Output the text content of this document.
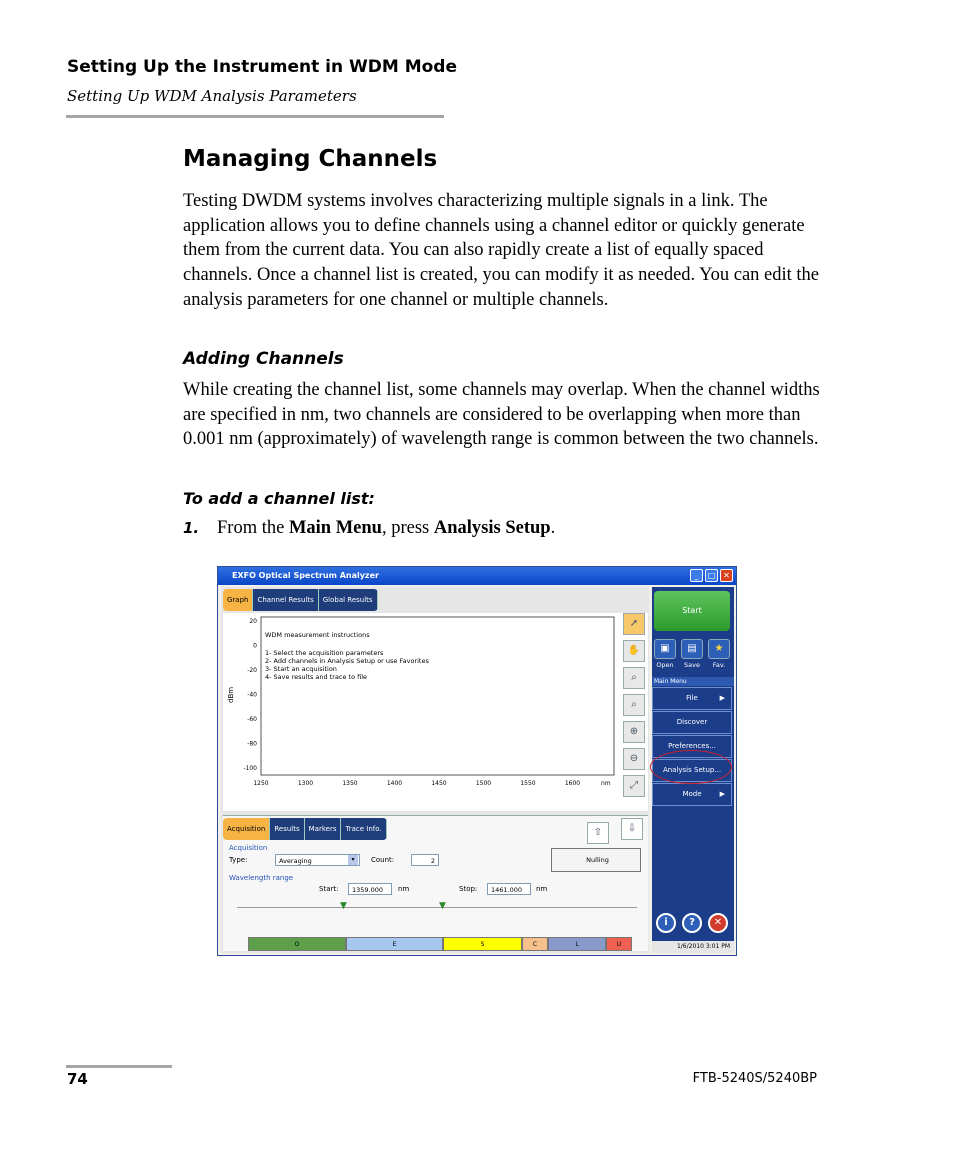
Setting Up the Instrument in WDM Mode
Setting Up WDM Analysis Parameters
Managing Channels

Testing DWDM systems involves characterizing multiple signals in a link. The application allows you to define channels using a channel editor or quickly generate them from the current data. You can also rapidly create a list of equally spaced channels. Once a channel list is created, you can modify it as needed. You can edit the analysis parameters for one channel or multiple channels.

Adding Channels

While creating the channel list, some channels may overlap. When the channel widths are specified in nm, two channels are considered to be overlapping when more than 0.001 nm (approximately) of wavelength range is common between the two channels.

To add a channel list:
1. From the Main Menu, press Analysis Setup.
EXFO Optical Spectrum Analyzer	_	□ ✕
Graph	Channel Results	Global Results
dBm
20
0
-20
-40
-60
-80
-100
1250	1300	1350	1400	1450	1500	1550	1600	nm
WDM measurement instructions
1- Select the acquisition parameters
2- Add channels in Analysis Setup or use Favorites
3- Start an acquisition
4- Save results and trace to file
➚
✋
⌕
⌕
⊕
⊖
⤢
Acquisition	Results	Markers	Trace Info.	⇧	⇩
Acquisition
Type:	Averaging	▾	Count:	2	Nulling
Wavelength range
Start:	1359.000	nm	Stop:	1461.000	nm
▼	▼
O	E	S	C	L	U
Start
▣	▤	★
Open	Save	Fav.
Main Menu
File	▶
Discover
Preferences...
Analysis Setup...
Mode	▶
i	?	✕
1/6/2010 3:01 PM
74	FTB-5240S/5240BP
